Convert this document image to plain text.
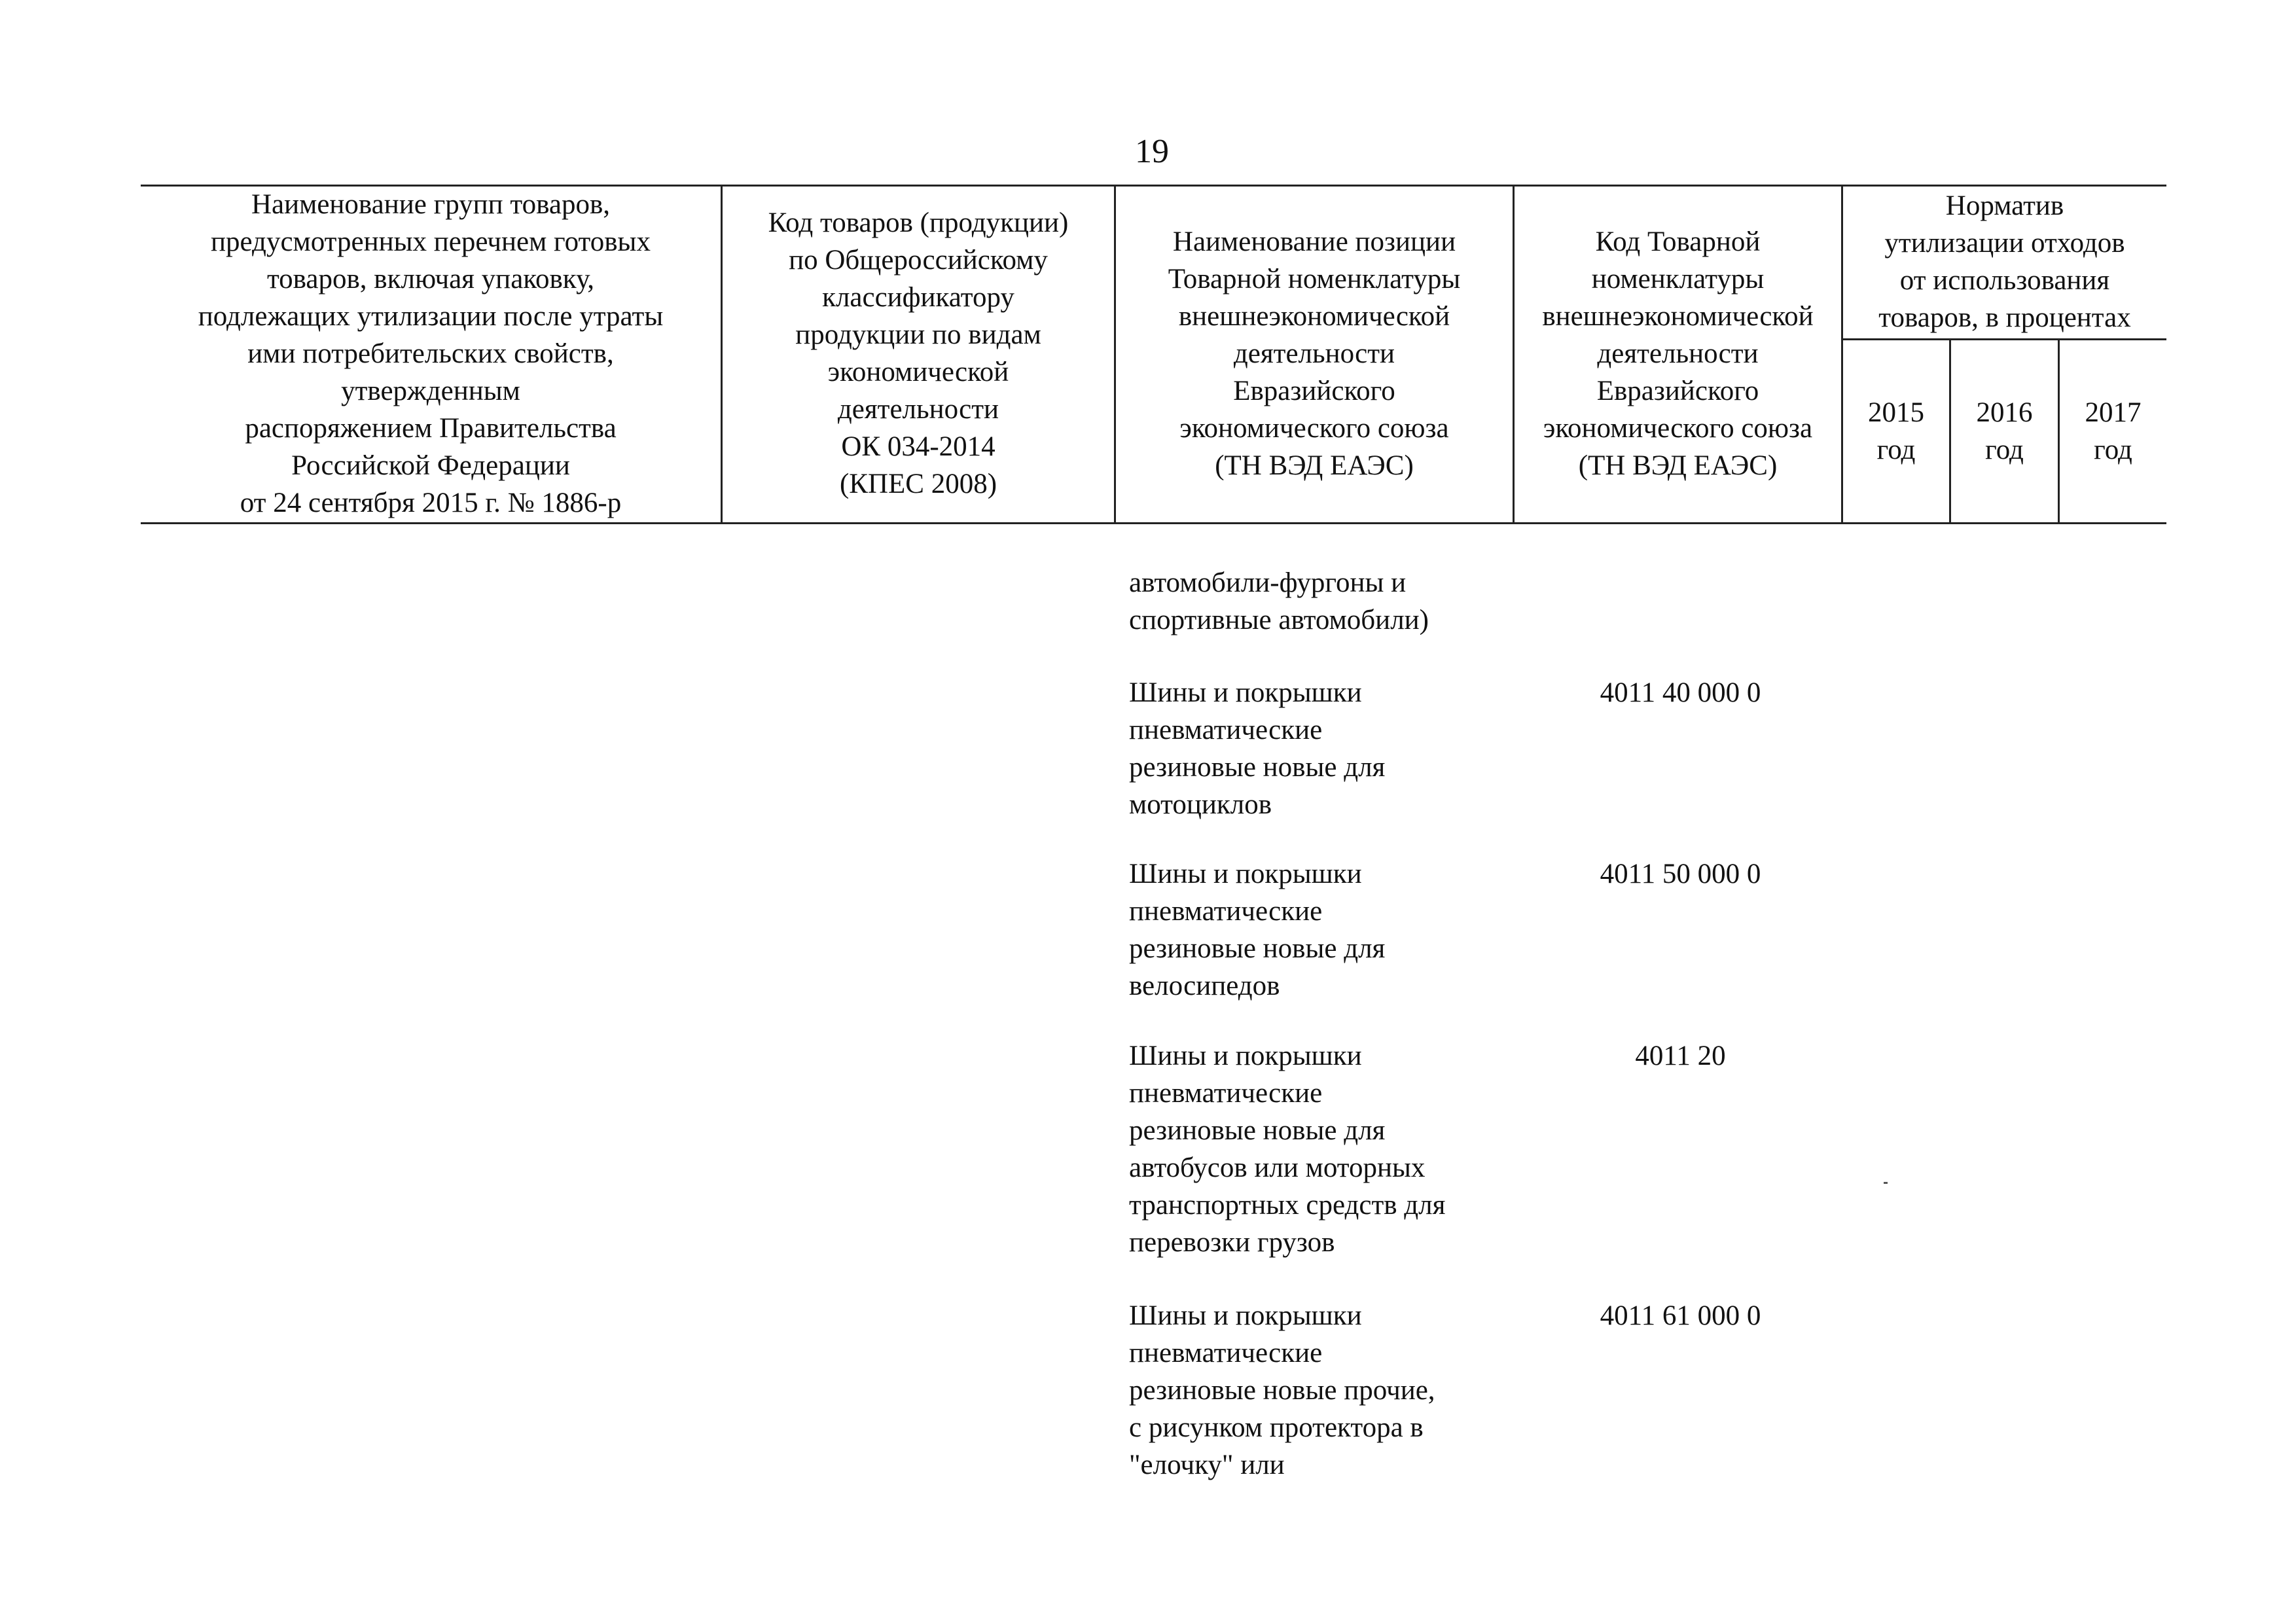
19
Наименование групп товаров,
предусмотренных перечнем готовых
товаров, включая упаковку,
подлежащих утилизации после утраты
ими потребительских свойств,
утвержденным
распоряжением Правительства
Российской Федерации
от 24 сентября 2015 г. № 1886-р
Код товаров (продукции)
по Общероссийскому
классификатору
продукции по видам
экономической
деятельности
ОК 034-2014
(КПЕС 2008)
Наименование позиции
Товарной номенклатуры
внешнеэкономической
деятельности
Евразийского
экономического союза
(ТН ВЭД ЕАЭС)
Код Товарной
номенклатуры
внешнеэкономической
деятельности
Евразийского
экономического союза
(ТН ВЭД ЕАЭС)
Норматив
утилизации отходов
от использования
товаров, в процентах
2015
год
2016
год
2017
год
автомобили-фургоны и
спортивные автомобили)
Шины и покрышки
пневматические
резиновые новые для
мотоциклов
4011 40 000 0
Шины и покрышки
пневматические
резиновые новые для
велосипедов
4011 50 000 0
Шины и покрышки
пневматические
резиновые новые для
автобусов или моторных
транспортных средств для
перевозки грузов
4011 20
Шины и покрышки
пневматические
резиновые новые прочие,
с рисунком протектора в
"елочку" или
4011 61 000 0
